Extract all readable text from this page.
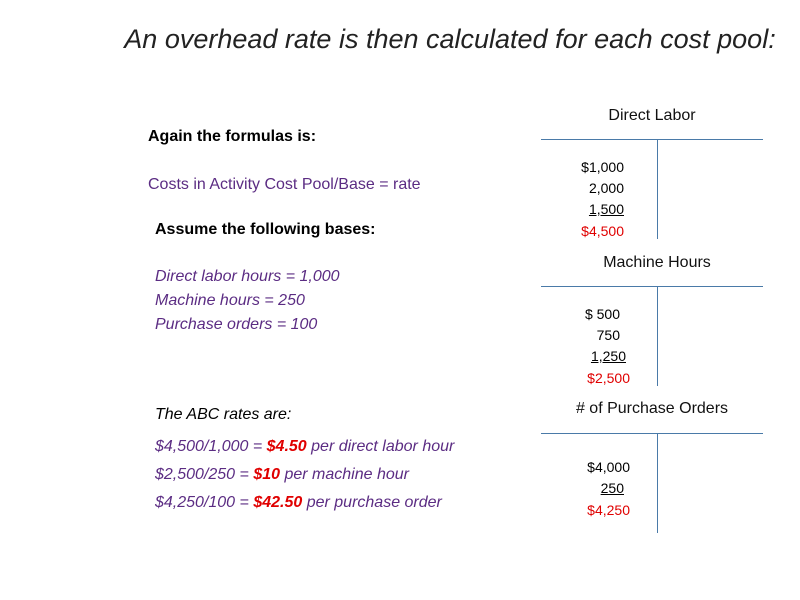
An overhead rate is then calculated for each cost pool:
Again the formulas is:
Costs in Activity Cost Pool/Base = rate
Assume the following bases:
Direct labor hours = 1,000
Machine hours = 250
Purchase orders = 100
The ABC rates are:
$4,500/1,000 = $4.50 per direct labor hour
$2,500/250 = $10 per machine hour
$4,250/100 = $42.50 per purchase order
Direct Labor
$1,000
2,000
1,500
$4,500
Machine Hours
$ 500
750
1,250
$2,500
# of Purchase Orders
$4,000
250
$4,250
